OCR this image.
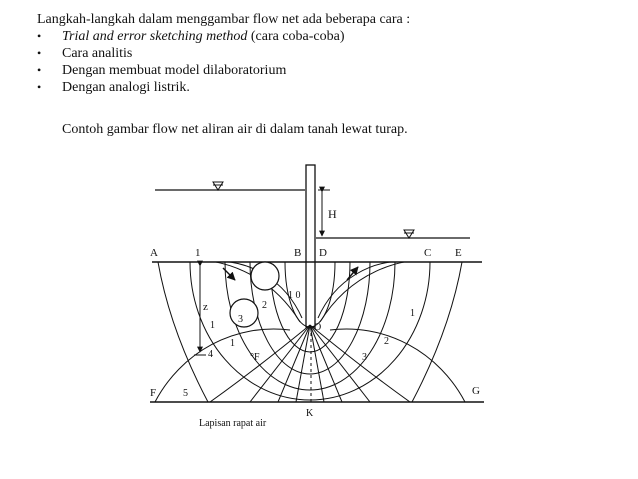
Langkah-langkah dalam menggambar flow net ada beberapa cara :
• Trial and error sketching method (cara coba-coba)
• Cara analitis
• Dengan membuat model dilaboratorium
• Dengan analogi listrik.
Contoh gambar flow net aliran air di dalam tanah lewat turap.
H
A	1	B D	C E
z
1
1
4
3
2
1 0
O
°F	3
2
1
F	5	G
K
Lapisan rapat air
